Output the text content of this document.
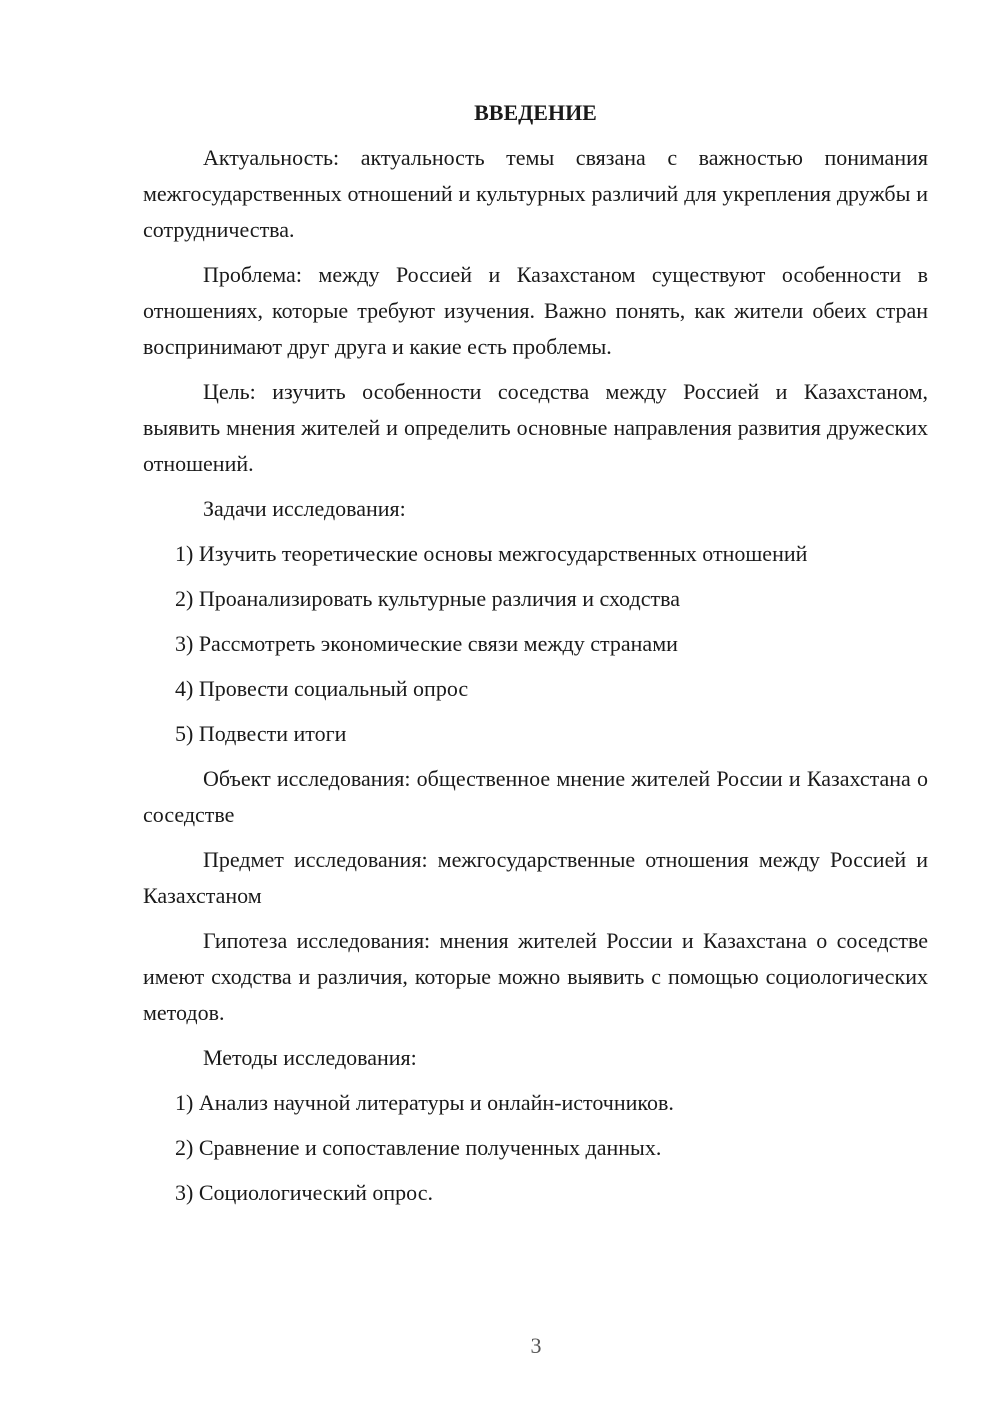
ВВЕДЕНИЕ

Актуальность: актуальность темы связана с важностью понимания межгосударственных отношений и культурных различий для укрепления дружбы и сотрудничества.

Проблема: между Россией и Казахстаном существуют особенности в отношениях, которые требуют изучения. Важно понять, как жители обеих стран воспринимают друг друга и какие есть проблемы.

Цель: изучить особенности соседства между Россией и Казахстаном, выявить мнения жителей и определить основные направления развития дружеских отношений.

Задачи исследования:

1) Изучить теоретические основы межгосударственных отношений
2) Проанализировать культурные различия и сходства
3) Рассмотреть экономические связи между странами
4) Провести социальный опрос
5) Подвести итоги

Объект исследования: общественное мнение жителей России и Казахстана о соседстве

Предмет исследования: межгосударственные отношения между Россией и Казахстаном

Гипотеза исследования: мнения жителей России и Казахстана о соседстве имеют сходства и различия, которые можно выявить с помощью социологических методов.

Методы исследования:

1) Анализ научной литературы и онлайн-источников.
2) Сравнение и сопоставление полученных данных.
3) Социологический опрос.
3
